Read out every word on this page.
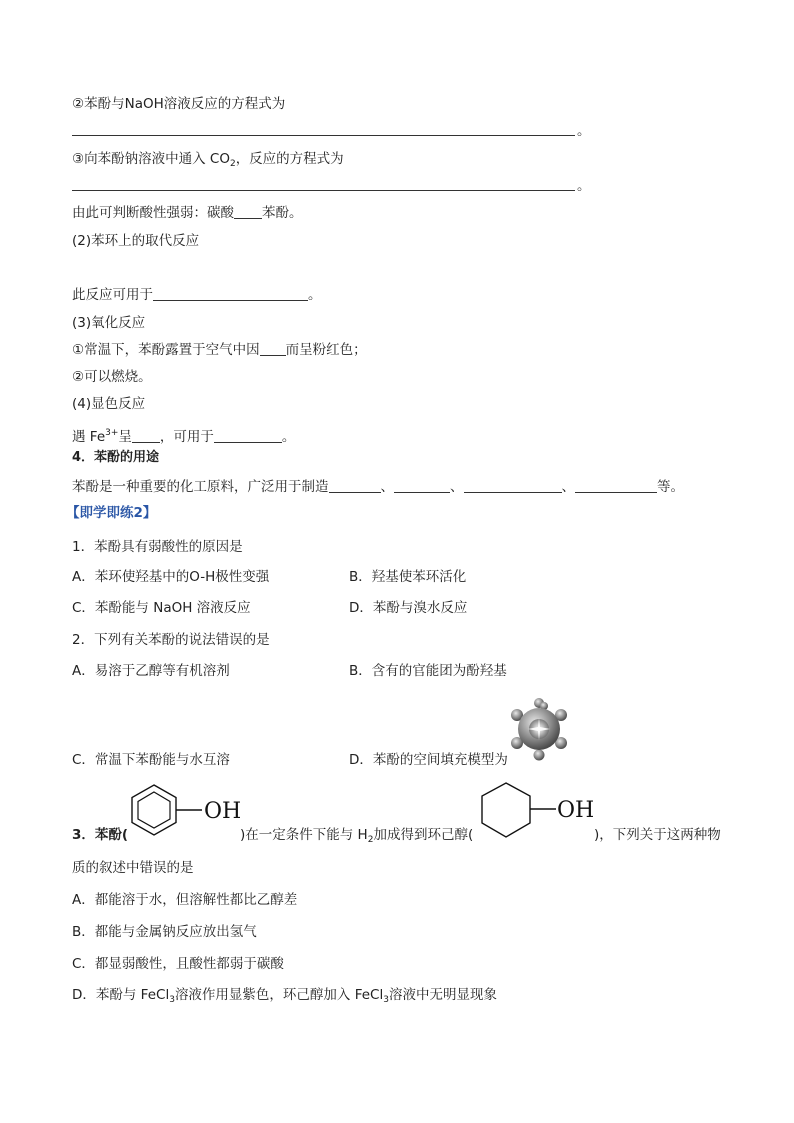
②苯酚与NaOH溶液反应的方程式为
。
③向苯酚钠溶液中通入 $CO_2$，反应的方程式为
。
由此可判断酸性强弱：碳酸 苯酚。
(2)苯环上的取代反应
此反应可用于	。
(3)氧化反应
①常温下，苯酚露置于空气中因 而呈粉红色；
②可以燃烧。
(4)显色反应
遇 $Fe^{3+}$呈 ，可用于	。
4．苯酚的用途
苯酚是一种重要的化工原料，广泛用于制造	、	、	、	等。
【即学即练2】
1．苯酚具有弱酸性的原因是
A．苯环使羟基中的O-H极性变强	B．羟基使苯环活化
C．苯酚能与 NaOH 溶液反应	D．苯酚与溴水反应
2．下列有关苯酚的说法错误的是
A．易溶于乙醇等有机溶剂	B．含有的官能团为酚羟基
C．常温下苯酚能与水互溶	D．苯酚的空间填充模型为
OH	OH
3．苯酚(	)在一定条件下能与 $H_2$加成得到环己醇(	)，下列关于这两种物
质的叙述中错误的是
A．都能溶于水，但溶解性都比乙醇差
B．都能与金属钠反应放出氢气
C．都显弱酸性，且酸性都弱于碳酸
D．苯酚与 FeCl$_3$溶液作用显紫色，环己醇加入 FeCl$_3$溶液中无明显现象
